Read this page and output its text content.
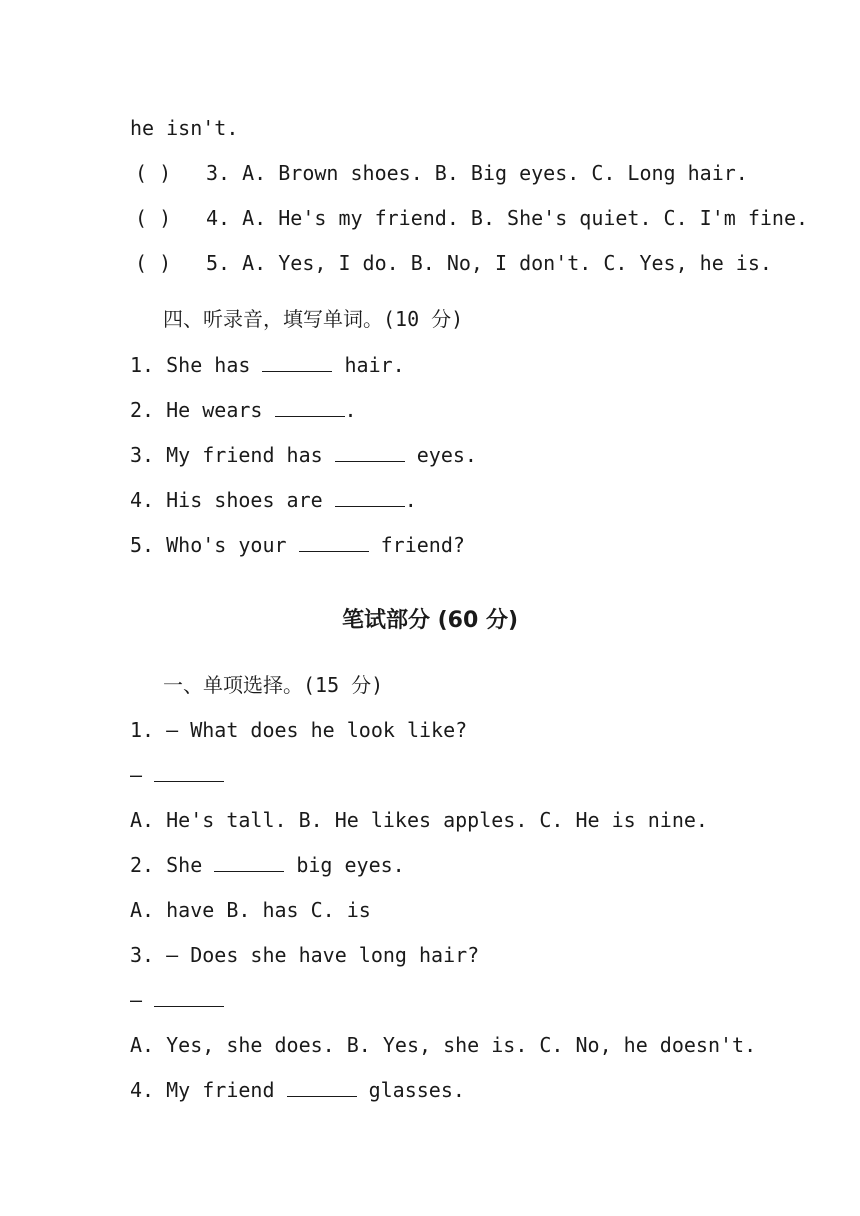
he isn't.
( ) 3. A. Brown shoes. B. Big eyes. C. Long hair.
( ) 4. A. He's my friend. B. She's quiet. C. I'm fine.
( ) 5. A. Yes, I do. B. No, I don't. C. Yes, he is.
四、听录音，填写单词。(10 分)
1. She has	hair.
2. He wears	.
3. My friend has	eyes.
4. His shoes are	.
5. Who's your	friend?
笔试部分 (60 分)
一、单项选择。(15 分)
1. — What does he look like?
—
A. He's tall. B. He likes apples. C. He is nine.
2. She	big eyes.
A. have B. has C. is
3. — Does she have long hair?
—
A. Yes, she does. B. Yes, she is. C. No, he doesn't.
4. My friend	glasses.
